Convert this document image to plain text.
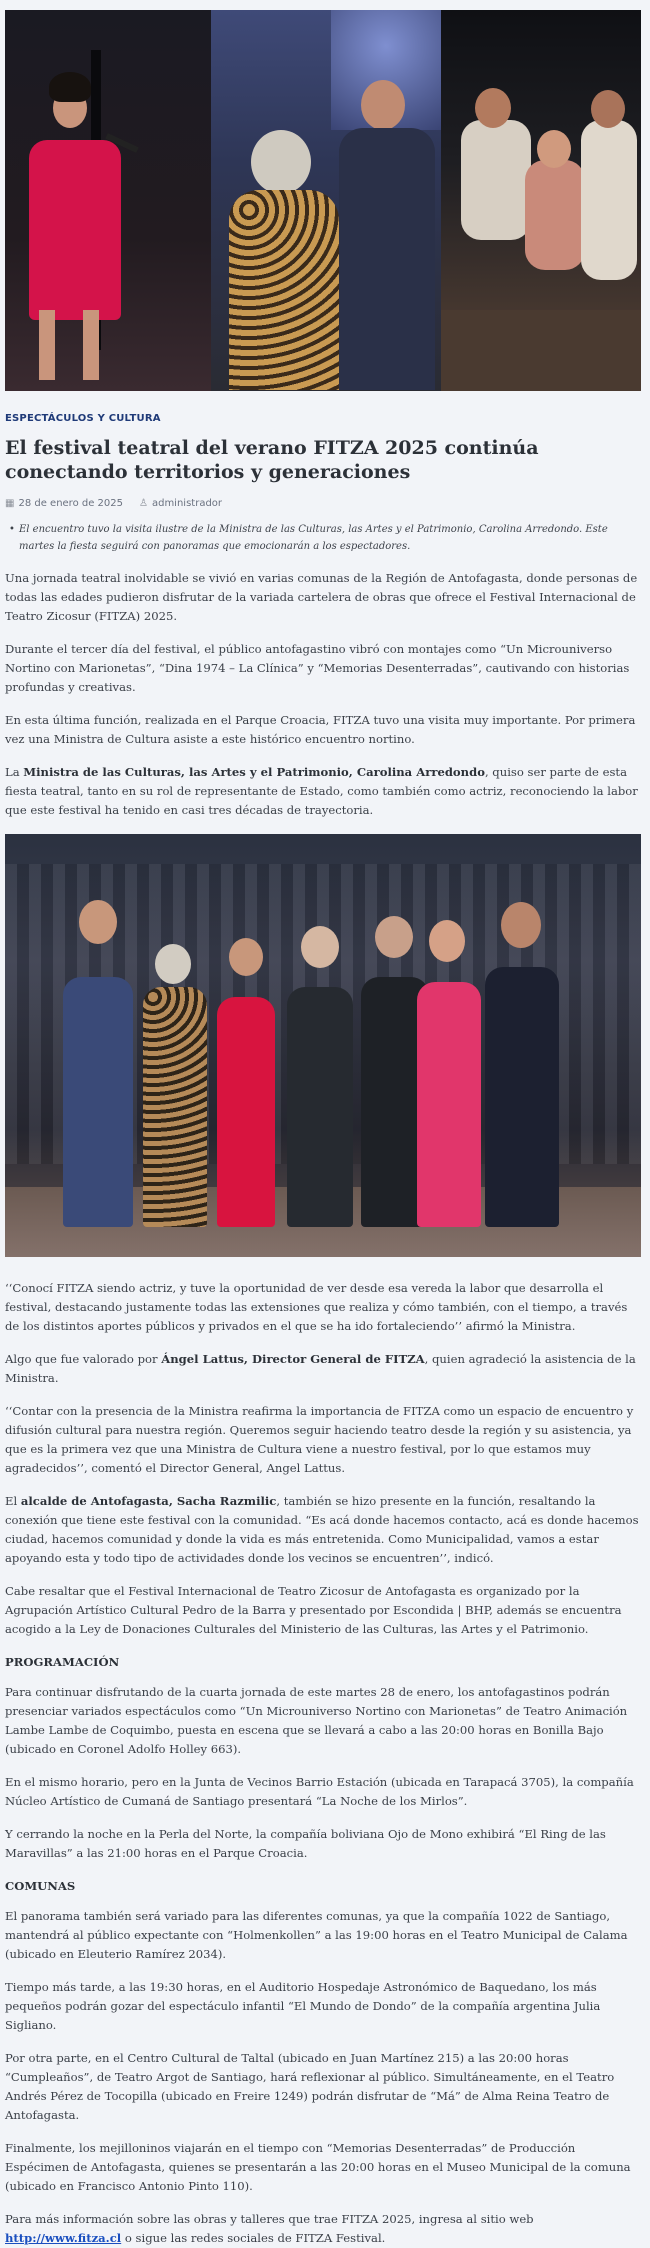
ESPECTÁCULOS Y CULTURA
El festival teatral del verano FITZA 2025 continúa conectando territorios y generaciones
▦ 28 de enero de 2025 ♙ administrador
• El encuentro tuvo la visita ilustre de la Ministra de las Culturas, las Artes y el Patrimonio, Carolina Arredondo. Este martes la fiesta seguirá con panoramas que emocionarán a los espectadores.

Una jornada teatral inolvidable se vivió en varias comunas de la Región de Antofagasta, donde personas de todas las edades pudieron disfrutar de la variada cartelera de obras que ofrece el Festival Internacional de Teatro Zicosur (FITZA) 2025.

Durante el tercer día del festival, el público antofagastino vibró con montajes como “Un Microuniverso Nortino con Marionetas”, “Dina 1974 – La Clínica” y “Memorias Desenterradas”, cautivando con historias profundas y creativas.

En esta última función, realizada en el Parque Croacia, FITZA tuvo una visita muy importante. Por primera vez una Ministra de Cultura asiste a este histórico encuentro nortino.

La Ministra de las Culturas, las Artes y el Patrimonio, Carolina Arredondo, quiso ser parte de esta fiesta teatral, tanto en su rol de representante de Estado, como también como actriz, reconociendo la labor que este festival ha tenido en casi tres décadas de trayectoria.

‘‘Conocí FITZA siendo actriz, y tuve la oportunidad de ver desde esa vereda la labor que desarrolla el festival, destacando justamente todas las extensiones que realiza y cómo también, con el tiempo, a través de los distintos aportes públicos y privados en el que se ha ido fortaleciendo’’ afirmó la Ministra.

Algo que fue valorado por Ángel Lattus, Director General de FITZA, quien agradeció la asistencia de la Ministra.

‘‘Contar con la presencia de la Ministra reafirma la importancia de FITZA como un espacio de encuentro y difusión cultural para nuestra región. Queremos seguir haciendo teatro desde la región y su asistencia, ya que es la primera vez que una Ministra de Cultura viene a nuestro festival, por lo que estamos muy agradecidos’’, comentó el Director General, Angel Lattus.

El alcalde de Antofagasta, Sacha Razmilic, también se hizo presente en la función, resaltando la conexión que tiene este festival con la comunidad. “Es acá donde hacemos contacto, acá es donde hacemos ciudad, hacemos comunidad y donde la vida es más entretenida. Como Municipalidad, vamos a estar apoyando esta y todo tipo de actividades donde los vecinos se encuentren’’, indicó.

Cabe resaltar que el Festival Internacional de Teatro Zicosur de Antofagasta es organizado por la Agrupación Artístico Cultural Pedro de la Barra y presentado por Escondida | BHP, además se encuentra acogido a la Ley de Donaciones Culturales del Ministerio de las Culturas, las Artes y el Patrimonio.

PROGRAMACIÓN

Para continuar disfrutando de la cuarta jornada de este martes 28 de enero, los antofagastinos podrán presenciar variados espectáculos como “Un Microuniverso Nortino con Marionetas” de Teatro Animación Lambe Lambe de Coquimbo, puesta en escena que se llevará a cabo a las 20:00 horas en Bonilla Bajo (ubicado en Coronel Adolfo Holley 663).

En el mismo horario, pero en la Junta de Vecinos Barrio Estación (ubicada en Tarapacá 3705), la compañía Núcleo Artístico de Cumaná de Santiago presentará “La Noche de los Mirlos”.

Y cerrando la noche en la Perla del Norte, la compañía boliviana Ojo de Mono exhibirá “El Ring de las Maravillas” a las 21:00 horas en el Parque Croacia.

COMUNAS

El panorama también será variado para las diferentes comunas, ya que la compañía 1022 de Santiago, mantendrá al público expectante con “Holmenkollen” a las 19:00 horas en el Teatro Municipal de Calama (ubicado en Eleuterio Ramírez 2034).

Tiempo más tarde, a las 19:30 horas, en el Auditorio Hospedaje Astronómico de Baquedano, los más pequeños podrán gozar del espectáculo infantil “El Mundo de Dondo” de la compañía argentina Julia Sigliano.

Por otra parte, en el Centro Cultural de Taltal (ubicado en Juan Martínez 215) a las 20:00 horas “Cumpleaños”, de Teatro Argot de Santiago, hará reflexionar al público. Simultáneamente, en el Teatro Andrés Pérez de Tocopilla (ubicado en Freire 1249) podrán disfrutar de “Má” de Alma Reina Teatro de Antofagasta.

Finalmente, los mejilloninos viajarán en el tiempo con “Memorias Desenterradas” de Producción Espécimen de Antofagasta, quienes se presentarán a las 20:00 horas en el Museo Municipal de la comuna (ubicado en Francisco Antonio Pinto 110).

Para más información sobre las obras y talleres que trae FITZA 2025, ingresa al sitio web http://www.fitza.cl o sigue las redes sociales de FITZA Festival.
